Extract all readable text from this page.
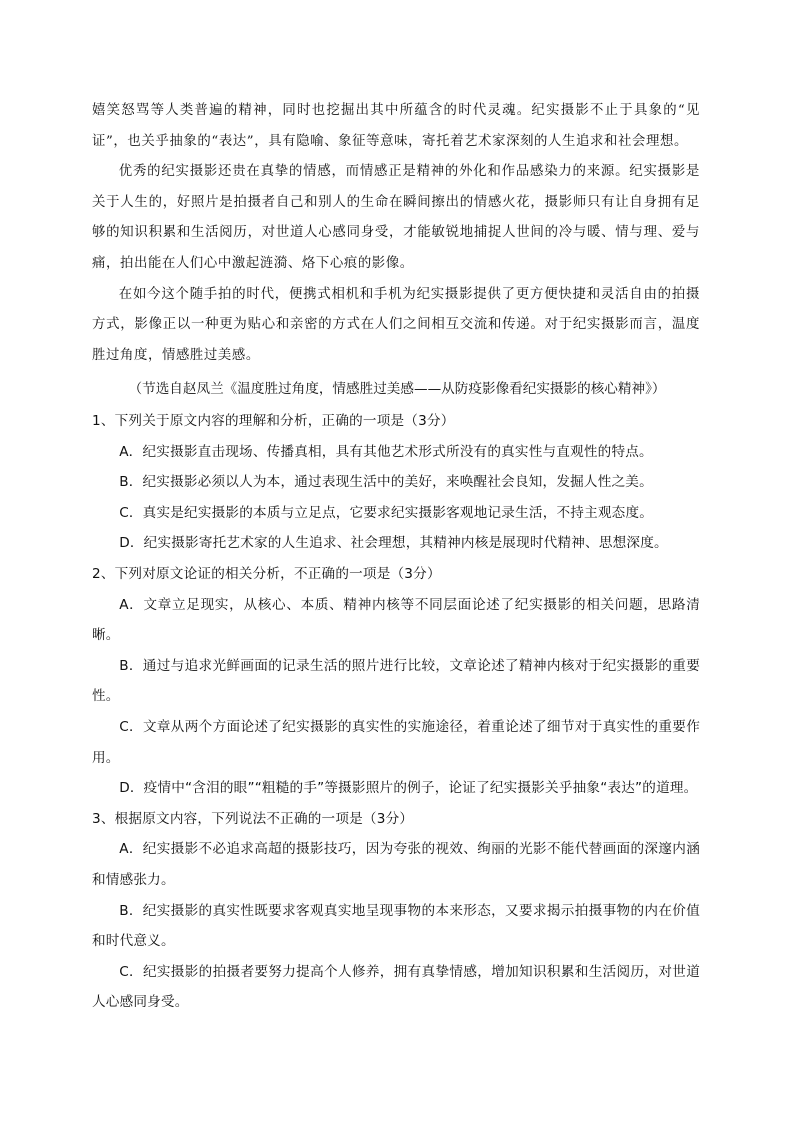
嬉笑怒骂等人类普遍的精神，同时也挖掘出其中所蕴含的时代灵魂。纪实摄影不止于具象的“见证”，也关乎抽象的“表达”，具有隐喻、象征等意味，寄托着艺术家深刻的人生追求和社会理想。

优秀的纪实摄影还贵在真挚的情感，而情感正是精神的外化和作品感染力的来源。纪实摄影是关于人生的，好照片是拍摄者自己和别人的生命在瞬间擦出的情感火花，摄影师只有让自身拥有足够的知识积累和生活阅历，对世道人心感同身受，才能敏锐地捕捉人世间的冷与暖、情与理、爱与痛，拍出能在人们心中激起涟漪、烙下心痕的影像。

在如今这个随手拍的时代，便携式相机和手机为纪实摄影提供了更方便快捷和灵活自由的拍摄方式，影像正以一种更为贴心和亲密的方式在人们之间相互交流和传递。对于纪实摄影而言，温度胜过角度，情感胜过美感。

（节选自赵凤兰《温度胜过角度，情感胜过美感——从防疫影像看纪实摄影的核心精神》）

1、下列关于原文内容的理解和分析，正确的一项是（3分）

A．纪实摄影直击现场、传播真相，具有其他艺术形式所没有的真实性与直观性的特点。

B．纪实摄影必须以人为本，通过表现生活中的美好，来唤醒社会良知，发掘人性之美。

C．真实是纪实摄影的本质与立足点，它要求纪实摄影客观地记录生活，不持主观态度。

D．纪实摄影寄托艺术家的人生追求、社会理想，其精神内核是展现时代精神、思想深度。

2、下列对原文论证的相关分析，不正确的一项是（3分）

A．文章立足现实，从核心、本质、精神内核等不同层面论述了纪实摄影的相关问题，思路清晰。

B．通过与追求光鲜画面的记录生活的照片进行比较，文章论述了精神内核对于纪实摄影的重要性。

C．文章从两个方面论述了纪实摄影的真实性的实施途径，着重论述了细节对于真实性的重要作用。

D．疫情中“含泪的眼”“粗糙的手”等摄影照片的例子，论证了纪实摄影关乎抽象“表达”的道理。

3、根据原文内容，下列说法不正确的一项是（3分）

A．纪实摄影不必追求高超的摄影技巧，因为夸张的视效、绚丽的光影不能代替画面的深邃内涵和情感张力。

B．纪实摄影的真实性既要求客观真实地呈现事物的本来形态，又要求揭示拍摄事物的内在价值和时代意义。

C．纪实摄影的拍摄者要努力提高个人修养，拥有真挚情感，增加知识积累和生活阅历，对世道人心感同身受。
